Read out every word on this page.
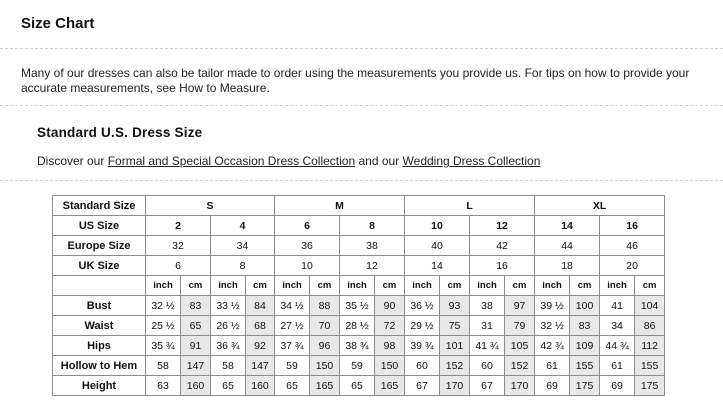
Size Chart

Many of our dresses can also be tailor made to order using the measurements you provide us. For tips on how to provide your accurate measurements, see How to Measure.

Standard U.S. Dress Size
Discover our Formal and Special Occasion Dress Collection and our Wedding Dress Collection
Standard Size	S				M				L				XL			
US Size	2		4		6		8		10		12		14		16	
Europe Size	32		34		36		38		40		42		44		46	
UK Size	6		8		10		12		14		16		18		20	
	inch	cm	inch	cm	inch	cm	inch	cm	inch	cm	inch	cm	inch	cm	inch	cm
Bust	32 ½	83	33 ½	84	34 ½	88	35 ½	90	36 ½	93	38	97	39 ½	100	41	104
Waist	25 ½	65	26 ½	68	27 ½	70	28 ½	72	29 ½	75	31	79	32 ½	83	34	86
Hips	35 ¾	91	36 ¾	92	37 ¾	96	38 ¾	98	39 ¾	101	41 ¾	105	42 ¾	109	44 ¾	112
Hollow to Hem	58	147	58	147	59	150	59	150	60	152	60	152	61	155	61	155
Height	63	160	65	160	65	165	65	165	67	170	67	170	69	175	69	175
